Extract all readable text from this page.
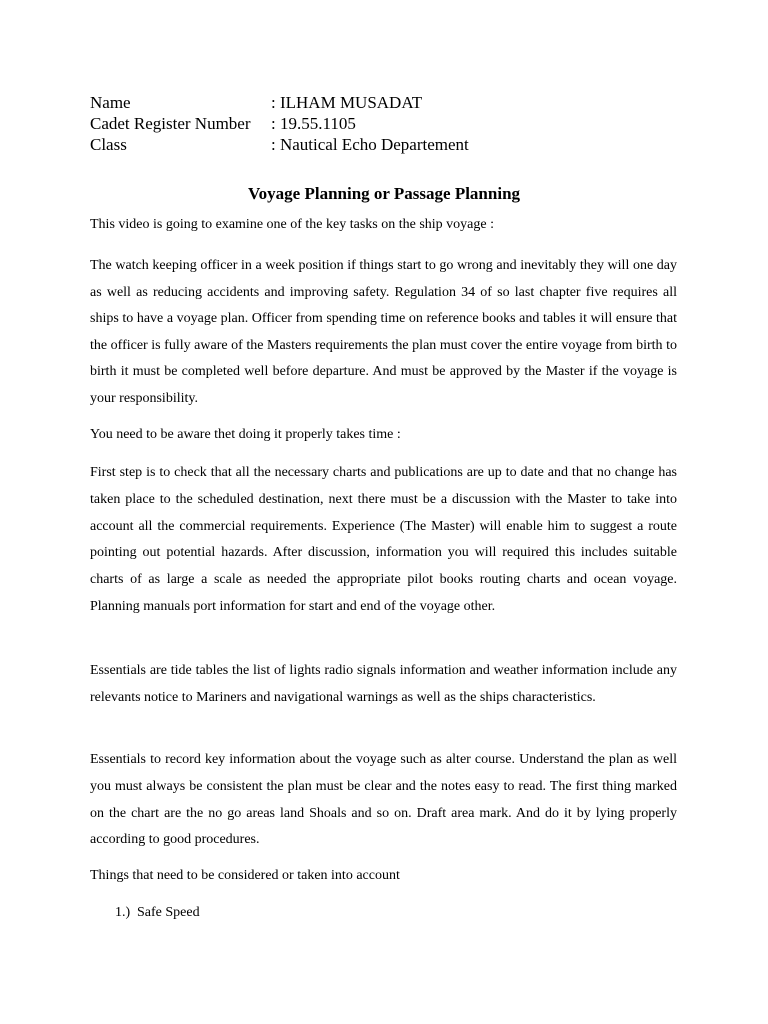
Name	: ILHAM MUSADAT
Cadet Register Number	: 19.55.1105
Class	: Nautical Echo Departement
Voyage Planning or Passage Planning

This video is going to examine one of the key tasks on the ship voyage :

The watch keeping officer in a week position if things start to go wrong and inevitably they will one day as well as reducing accidents and improving safety. Regulation 34 of so last chapter five requires all ships to have a voyage plan. Officer from spending time on reference books and tables it will ensure that the officer is fully aware of the Masters requirements the plan must cover the entire voyage from birth to birth it must be completed well before departure. And must be approved by the Master if the voyage is your responsibility.

You need to be aware thet doing it properly takes time :

First step is to check that all the necessary charts and publications are up to date and that no change has taken place to the scheduled destination, next there must be a discussion with the Master to take into account all the commercial requirements. Experience (The Master) will enable him to suggest a route pointing out potential hazards. After discussion, information you will required this includes suitable charts of as large a scale as needed the appropriate pilot books routing charts and ocean voyage. Planning manuals port information for start and end of the voyage other.

Essentials are tide tables the list of lights radio signals information and weather information include any relevants notice to Mariners and navigational warnings as well as the ships characteristics.

Essentials to record key information about the voyage such as alter course. Understand the plan as well you must always be consistent the plan must be clear and the notes easy to read. The first thing marked on the chart are the no go areas land Shoals and so on. Draft area mark. And do it by lying properly according to good procedures.

Things that need to be considered or taken into account

1.) Safe Speed
